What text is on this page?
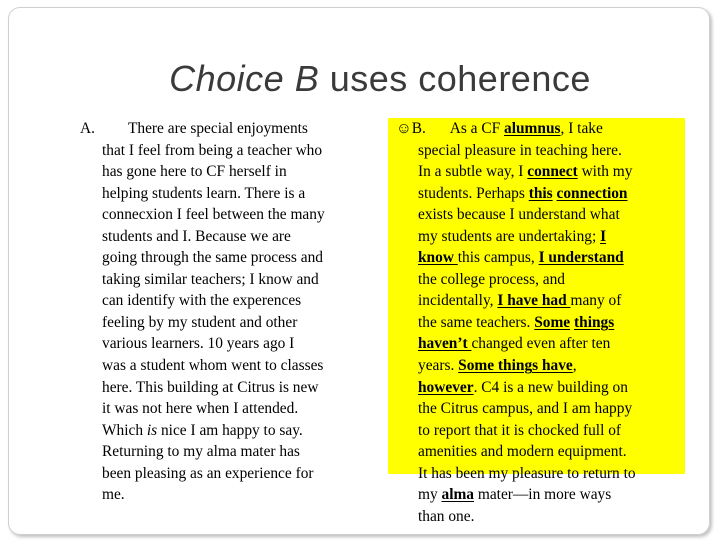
Choice B uses coherence
A. There are special enjoyments
that I feel from being a teacher who
has gone here to CF herself in
helping students learn. There is a
connecxion I feel between the many
students and I. Because we are
going through the same process and
taking similar teachers; I know and
can identify with the experences
feeling by my student and other
various learners. 10 years ago I
was a student whom went to classes
here. This building at Citrus is new
it was not here when I attended.
Which is nice I am happy to say.
Returning to my alma mater has
been pleasing as an experience for
me.
☺B. As a CF alumnus, I take
special pleasure in teaching here.
In a subtle way, I connect with my
students. Perhaps this connection
exists because I understand what
my students are undertaking; I
know this campus, I understand
the college process, and
incidentally, I have had many of
the same teachers. Some things
haven’t changed even after ten
years. Some things have,
however. C4 is a new building on
the Citrus campus, and I am happy
to report that it is chocked full of
amenities and modern equipment.
It has been my pleasure to return to
my alma mater—in more ways
than one.
